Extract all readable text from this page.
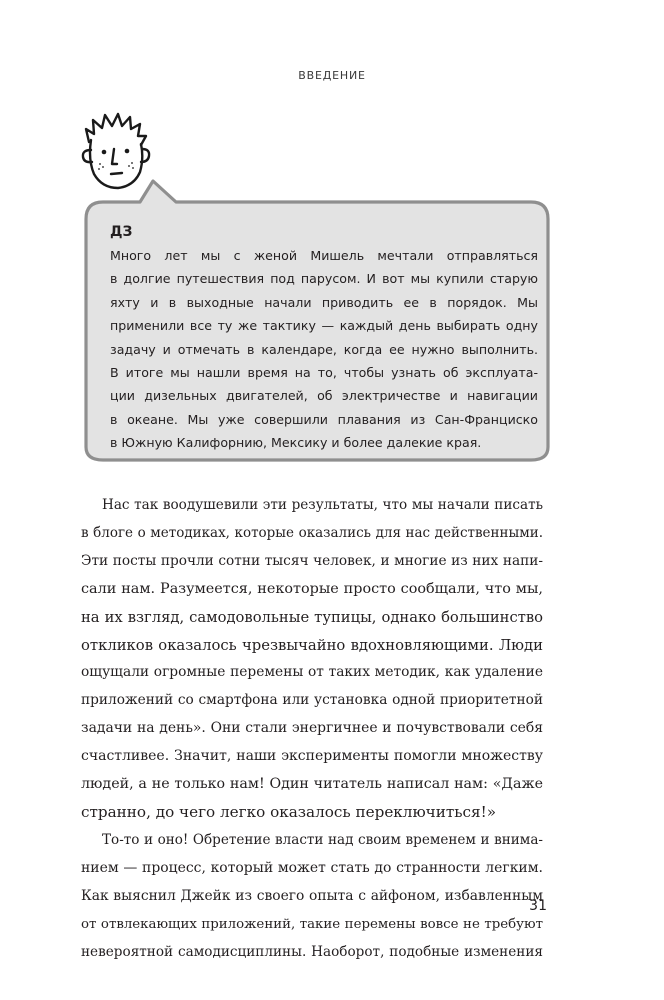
ВВЕДЕНИЕ
ДЗ
Много лет мы с женой Мишель мечтали отправляться
в долгие путешествия под парусом. И вот мы купили старую
яхту и в выходные начали приводить ее в порядок. Мы
применили все ту же тактику — каждый день выбирать одну
задачу и отмечать в календаре, когда ее нужно выполнить.
В итоге мы нашли время на то, чтобы узнать об эксплуата-
ции дизельных двигателей, об электричестве и навигации
в океане. Мы уже совершили плавания из Сан-Франциско
в Южную Калифорнию, Мексику и более далекие края.
Нас так воодушевили эти результаты, что мы начали писать
в блоге о методиках, которые оказались для нас действенными.
Эти посты прочли сотни тысяч человек, и многие из них напи-
сали нам. Разумеется, некоторые просто сообщали, что мы,
на их взгляд, самодовольные тупицы, однако большинство
откликов оказалось чрезвычайно вдохновляющими. Люди
ощущали огромные перемены от таких методик, как удаление
приложений со смартфона или установка одной приоритетной
задачи на день». Они стали энергичнее и почувствовали себя
счастливее. Значит, наши эксперименты помогли множеству
людей, а не только нам! Один читатель написал нам: «Даже
странно, до чего легко оказалось переключиться!»
То-то и оно! Обретение власти над своим временем и внима-
нием — процесс, который может стать до странности легким.
Как выяснил Джейк из своего опыта с айфоном, избавленным
от отвлекающих приложений, такие перемены вовсе не требуют
невероятной самодисциплины. Наоборот, подобные изменения
31
